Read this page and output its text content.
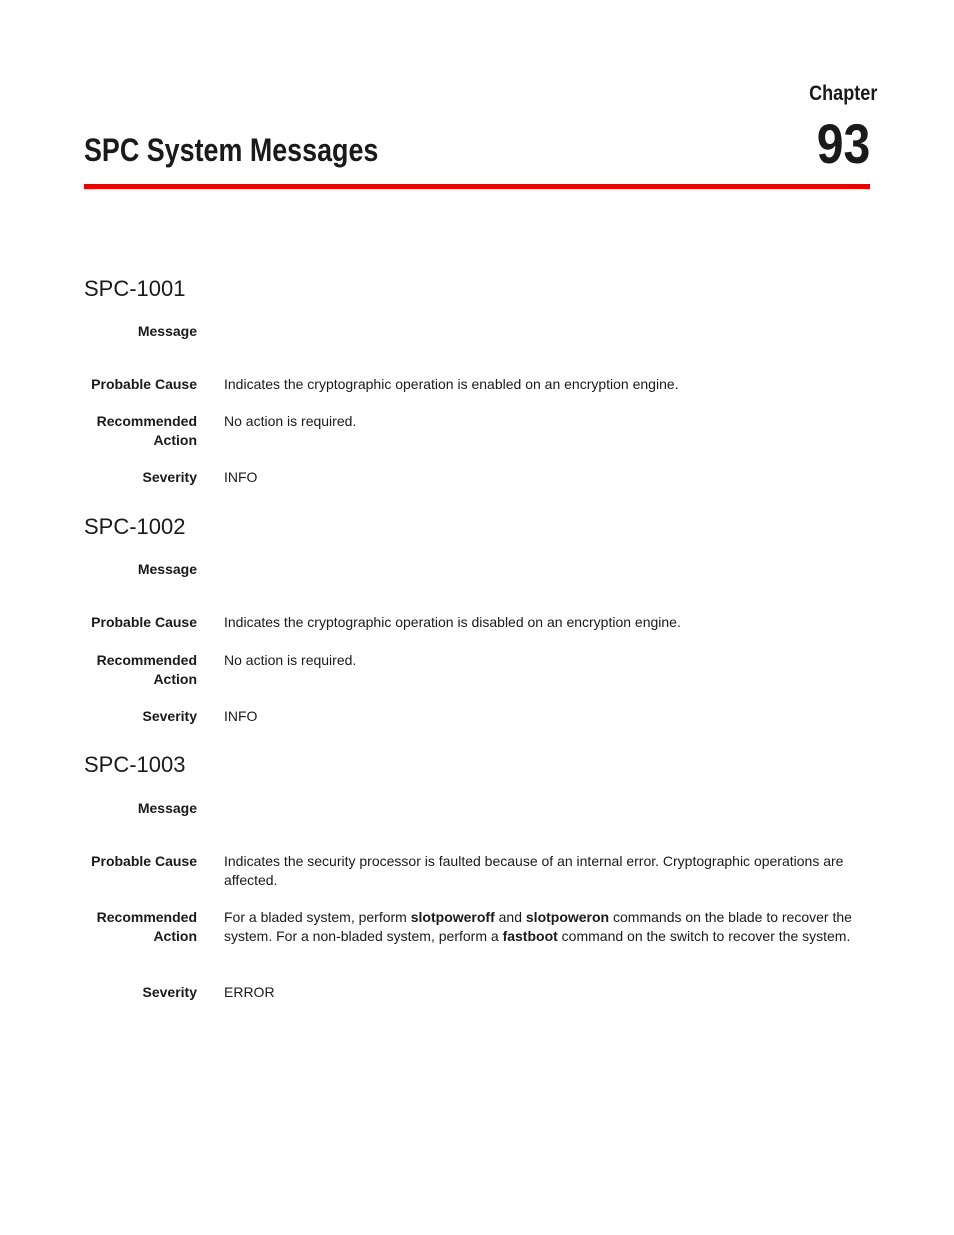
Chapter
93
SPC System Messages
SPC-1001
Message
Probable Cause Indicates the cryptographic operation is enabled on an encryption engine.
Recommended Action
No action is required.
Severity INFO
SPC-1002
Message
Probable Cause Indicates the cryptographic operation is disabled on an encryption engine.
Recommended Action
No action is required.
Severity INFO
SPC-1003
Message
Probable Cause Indicates the security processor is faulted because of an internal error. Cryptographic operations are affected.
Recommended Action
For a bladed system, perform slotpoweroff and slotpoweron commands on the blade to recover the system. For a non-bladed system, perform a fastboot command on the switch to recover the system.
Severity ERROR
